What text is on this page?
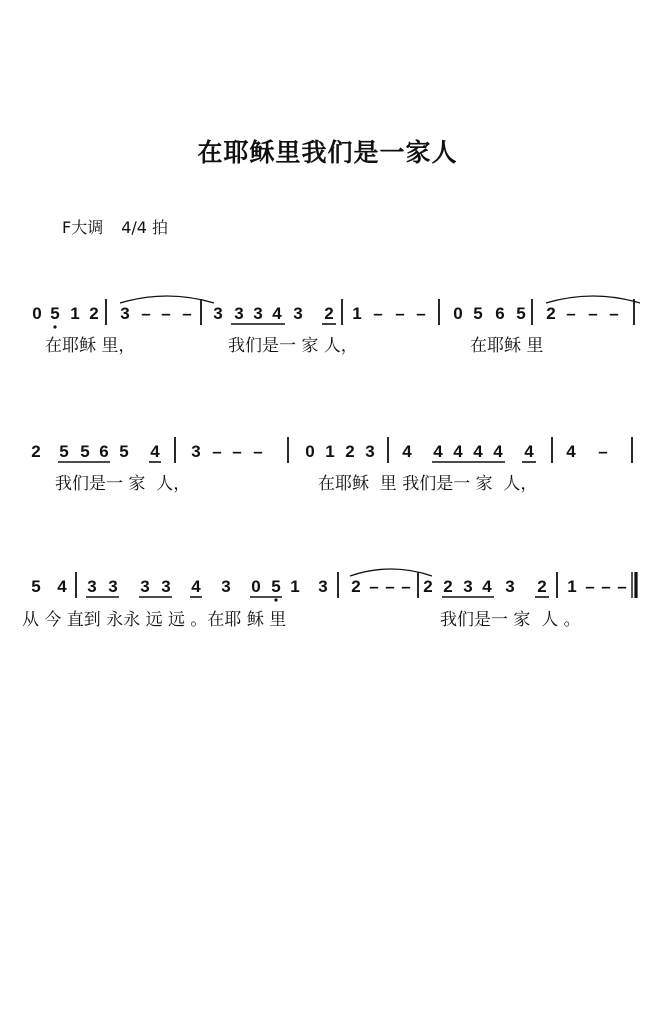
在耶稣里我们是一家人
F大调 4/4 拍
0 5 1 2 3 – – – 3 3 3 4 3 2 1 – – – 0 5 6 5 2 – – –
2 5 5 6 5 4 3 – – –	0 1 2 3 4 4 4 4 4 4 4 –
5 4 3 3 3 3 4 3 0 5 1 3 2 – – – 2 2 3 4 3 2 1 – – –
在耶稣 里，	我们是一 家 人，	在耶稣 里
我们是一 家  人，	在耶稣  里 我们是一 家  人，
从 今 直到 永永 远 远 。在耶 稣 里	我们是一 家  人 。
